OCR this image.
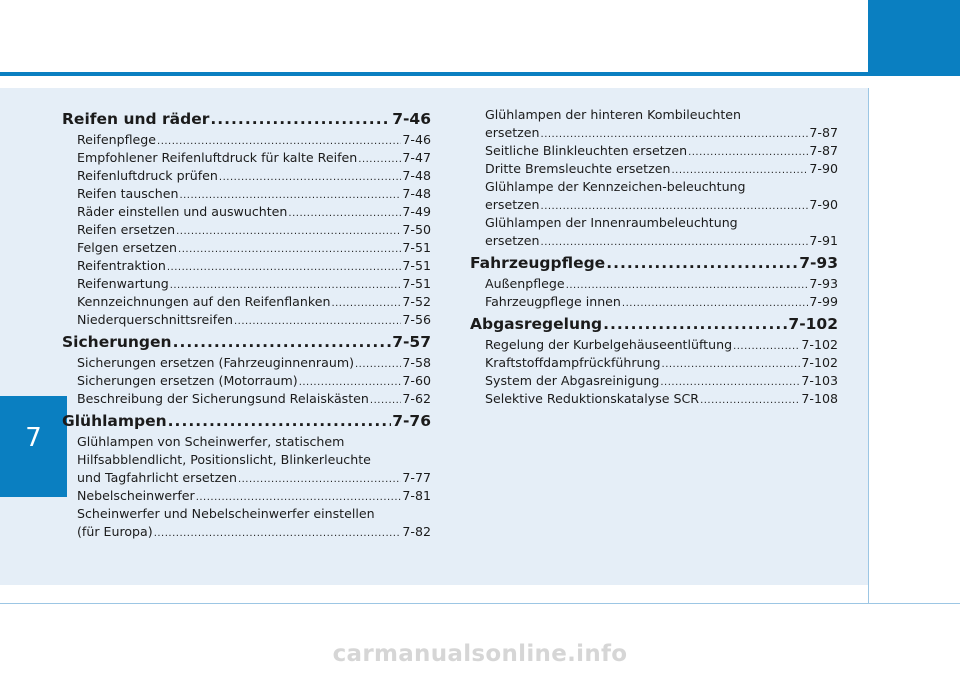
7
Reifen und räder .....	7-46
Reifenpflege .....	7-46
Empfohlener Reifenluftdruck für kalte Reifen .....	7-47
Reifenluftdruck prüfen .....	7-48
Reifen tauschen .....	7-48
Räder einstellen und auswuchten .....	7-49
Reifen ersetzen .....	7-50
Felgen ersetzen .....	7-51
Reifentraktion .....	7-51
Reifenwartung .....	7-51
Kennzeichnungen auf den Reifenflanken .....	7-52
Niederquerschnittsreifen .....	7-56
Sicherungen .....	7-57
Sicherungen ersetzen (Fahrzeuginnenraum) .....	7-58
Sicherungen ersetzen (Motorraum) .....	7-60
Beschreibung der Sicherungsund Relaiskästen .....	7-62
Glühlampen .....	7-76
Glühlampen von Scheinwerfer, statischem
Hilfsabblendlicht, Positionslicht, Blinkerleuchte
und Tagfahrlicht ersetzen .....	7-77
Nebelscheinwerfer .....	7-81
Scheinwerfer und Nebelscheinwerfer einstellen
(für Europa) .....	7-82
Glühlampen der hinteren Kombileuchten
ersetzen .....	7-87
Seitliche Blinkleuchten ersetzen .....	7-87
Dritte Bremsleuchte ersetzen .....	7-90
Glühlampe der Kennzeichen-beleuchtung
ersetzen .....	7-90
Glühlampen der Innenraumbeleuchtung
ersetzen .....	7-91
Fahrzeugpflege .....	7-93
Außenpflege .....	7-93
Fahrzeugpflege innen .....	7-99
Abgasregelung .....	7-102
Regelung der Kurbelgehäuseentlüftung .....	7-102
Kraftstoffdampfrückführung .....	7-102
System der Abgasreinigung .....	7-103
Selektive Reduktionskatalyse SCR .....	7-108
carmanualsonline.info
